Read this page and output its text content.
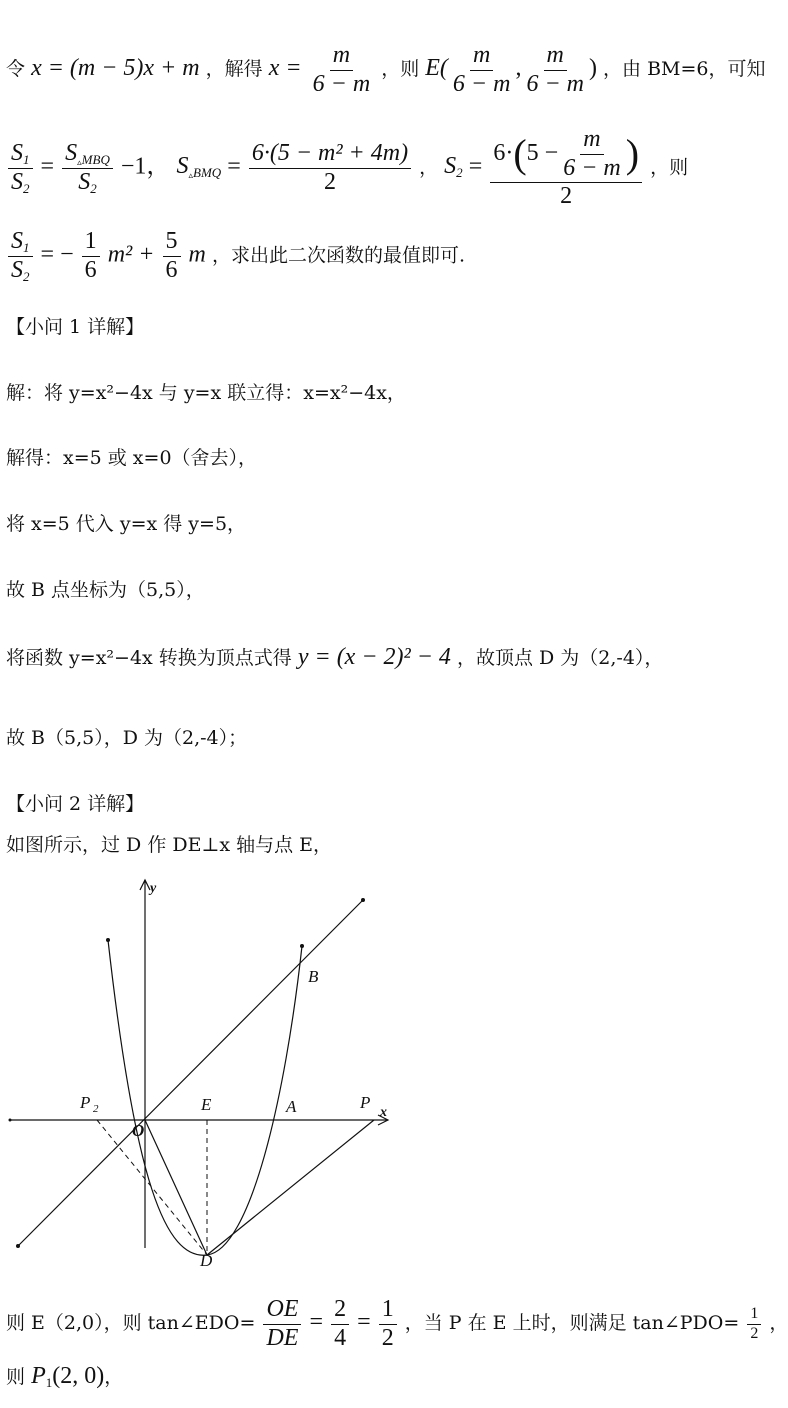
令 x = (m − 5)x + m ，解得 $x = \frac{m}{6 - m}$ ，则 $E( \frac{m}{6 - m}$ , $\frac{m}{6 - m}$ ) ，由 BM=6，可知
$\frac{S_1}{S_2} = \frac{S_{▵MBQ}}{S_2} -1$， $S_{▵BMQ} = \frac{\text{6·(5 − m² + 4m)}}{2}$ ， $S_2$ =
6· ( $5 - \frac{m}{6 - m}$ )
2
，则
$\frac{S_1}{S_2}$ = − $\frac{1}{6} m^2 + \frac{5}{6}$ m ，求出此二次函数的最值即可.
【小问 1 详解】
解：将 y=x²−4x 与 y=x 联立得：x=x²−4x，
解得：x=5 或 x=0（舍去），
将 x=5 代入 y=x 得 y=5，
故 B 点坐标为（5,5），
将函数 y=x²−4x 转换为顶点式得 y = (x − 2)² − 4 ，故顶点 D 为（2,-4），
故 B（5,5），D 为（2,-4）；
【小问 2 详解】
如图所示，过 D 作 DE⊥x 轴与点 E，
y
x
O
B
E	A	P
P 2
D
则 E（2,0），则 tan∠EDO= $\frac{OE}{DE} = \frac{2}{4} = \frac{1}{2}$ ，当 P 在 E 上时，则满足 tan∠PDO= $\frac{1}{2}$ ，
则 $P_1(2$, 0)，
